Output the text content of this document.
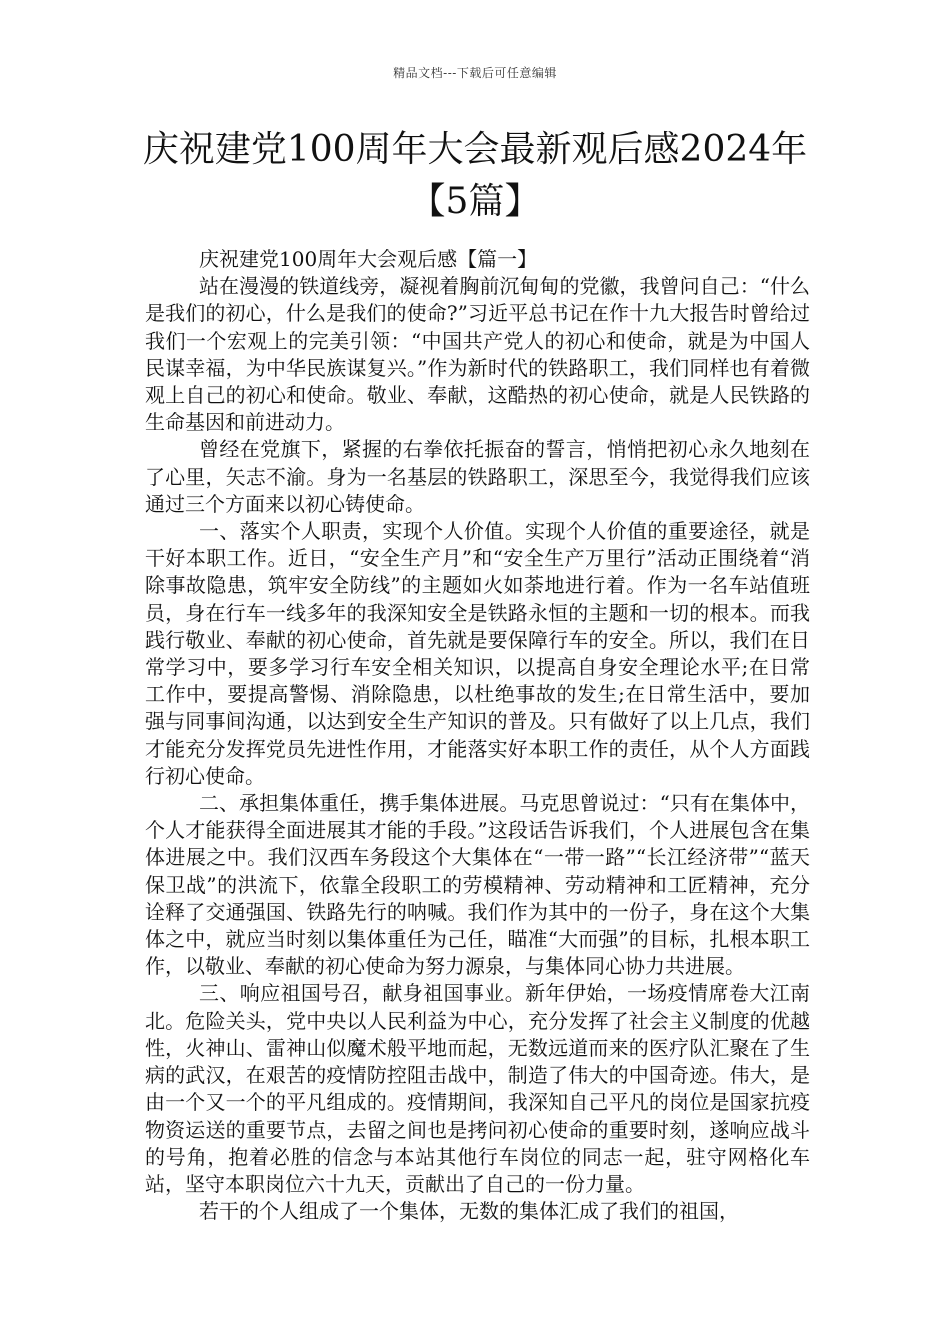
精品文档---下载后可任意编辑
庆祝建党100周年大会最新观后感2024年
【5篇】

庆祝建党100周年大会观后感【篇一】

站在漫漫的铁道线旁，凝视着胸前沉甸甸的党徽，我曾问自己：“什么是我们的初心，什么是我们的使命?”习近平总书记在作十九大报告时曾给过我们一个宏观上的完美引领：“中国共产党人的初心和使命，就是为中国人民谋幸福，为中华民族谋复兴。”作为新时代的铁路职工，我们同样也有着微观上自己的初心和使命。敬业、奉献，这酷热的初心使命，就是人民铁路的生命基因和前进动力。

曾经在党旗下，紧握的右拳依托振奋的誓言，悄悄把初心永久地刻在了心里，矢志不渝。身为一名基层的铁路职工，深思至今，我觉得我们应该通过三个方面来以初心铸使命。

一、落实个人职责，实现个人价值。实现个人价值的重要途径，就是干好本职工作。近日，“安全生产月”和“安全生产万里行”活动正围绕着“消除事故隐患，筑牢安全防线”的主题如火如荼地进行着。作为一名车站值班员，身在行车一线多年的我深知安全是铁路永恒的主题和一切的根本。而我践行敬业、奉献的初心使命，首先就是要保障行车的安全。所以，我们在日常学习中，要多学习行车安全相关知识，以提高自身安全理论水平;在日常工作中，要提高警惕、消除隐患，以杜绝事故的发生;在日常生活中，要加强与同事间沟通，以达到安全生产知识的普及。只有做好了以上几点，我们才能充分发挥党员先进性作用，才能落实好本职工作的责任，从个人方面践行初心使命。

二、承担集体重任，携手集体进展。马克思曾说过：“只有在集体中，个人才能获得全面进展其才能的手段。”这段话告诉我们，个人进展包含在集体进展之中。我们汉西车务段这个大集体在“一带一路”“长江经济带”“蓝天保卫战”的洪流下，依靠全段职工的劳模精神、劳动精神和工匠精神，充分诠释了交通强国、铁路先行的呐喊。我们作为其中的一份子，身在这个大集体之中，就应当时刻以集体重任为己任，瞄准“大而强”的目标，扎根本职工作，以敬业、奉献的初心使命为努力源泉，与集体同心协力共进展。

三、响应祖国号召，献身祖国事业。新年伊始，一场疫情席卷大江南北。危险关头，党中央以人民利益为中心，充分发挥了社会主义制度的优越性，火神山、雷神山似魔术般平地而起，无数远道而来的医疗队汇聚在了生病的武汉，在艰苦的疫情防控阻击战中，制造了伟大的中国奇迹。伟大，是由一个又一个的平凡组成的。疫情期间，我深知自己平凡的岗位是国家抗疫物资运送的重要节点，去留之间也是拷问初心使命的重要时刻，遂响应战斗的号角，抱着必胜的信念与本站其他行车岗位的同志一起，驻守网格化车站，坚守本职岗位六十九天，贡献出了自己的一份力量。

若干的个人组成了一个集体，无数的集体汇成了我们的祖国，
